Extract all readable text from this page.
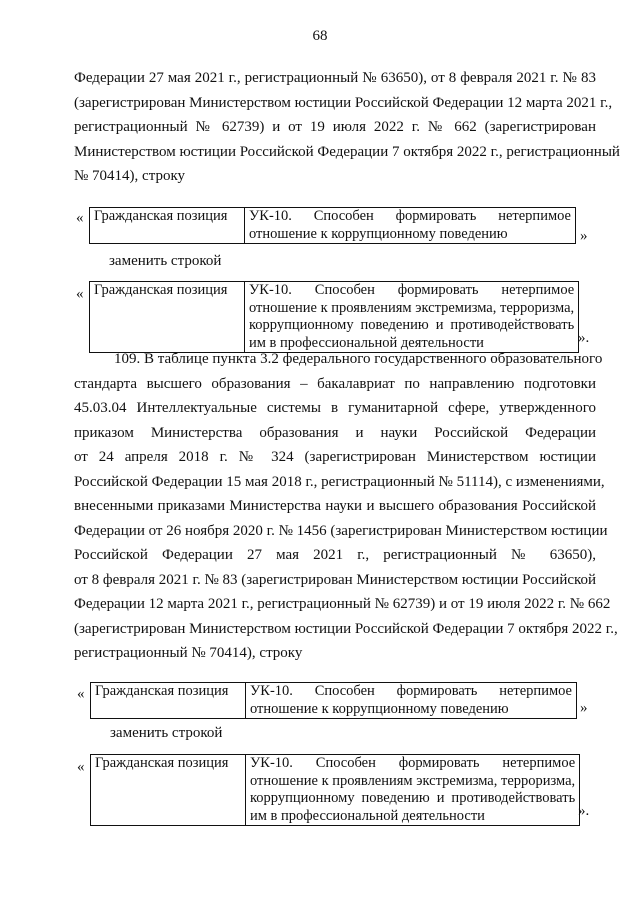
68
Федерации 27 мая 2021 г., регистрационный № 63650), от 8 февраля 2021 г. № 83
(зарегистрирован Министерством юстиции Российской Федерации 12 марта 2021 г.,
регистрационный № 62739) и от 19 июля 2022 г. № 662 (зарегистрирован
Министерством юстиции Российской Федерации 7 октября 2022 г., регистрационный
№ 70414), строку
« Гражданская позиция	УК-10. Способен формировать нетерпимое
отношение к коррупционному поведению	»
заменить строкой
« Гражданская позиция	УК-10. Способен формировать нетерпимое
отношение к проявлениям экстремизма, терроризма,
коррупционному поведению и противодействовать
им в профессиональной деятельности	».
109. В таблице пункта 3.2 федерального государственного образовательного
стандарта высшего образования – бакалавриат по направлению подготовки
45.03.04 Интеллектуальные системы в гуманитарной сфере, утвержденного
приказом Министерства образования и науки Российской Федерации
от 24 апреля 2018 г. № 324 (зарегистрирован Министерством юстиции
Российской Федерации 15 мая 2018 г., регистрационный № 51114), с изменениями,
внесенными приказами Министерства науки и высшего образования Российской
Федерации от 26 ноября 2020 г. № 1456 (зарегистрирован Министерством юстиции
Российской Федерации 27 мая 2021 г., регистрационный № 63650),
от 8 февраля 2021 г. № 83 (зарегистрирован Министерством юстиции Российской
Федерации 12 марта 2021 г., регистрационный № 62739) и от 19 июля 2022 г. № 662
(зарегистрирован Министерством юстиции Российской Федерации 7 октября 2022 г.,
регистрационный № 70414), строку
« Гражданская позиция	УК-10. Способен формировать нетерпимое
отношение к коррупционному поведению	»
заменить строкой
« Гражданская позиция	УК-10. Способен формировать нетерпимое
отношение к проявлениям экстремизма, терроризма,
коррупционному поведению и противодействовать
им в профессиональной деятельности	».
